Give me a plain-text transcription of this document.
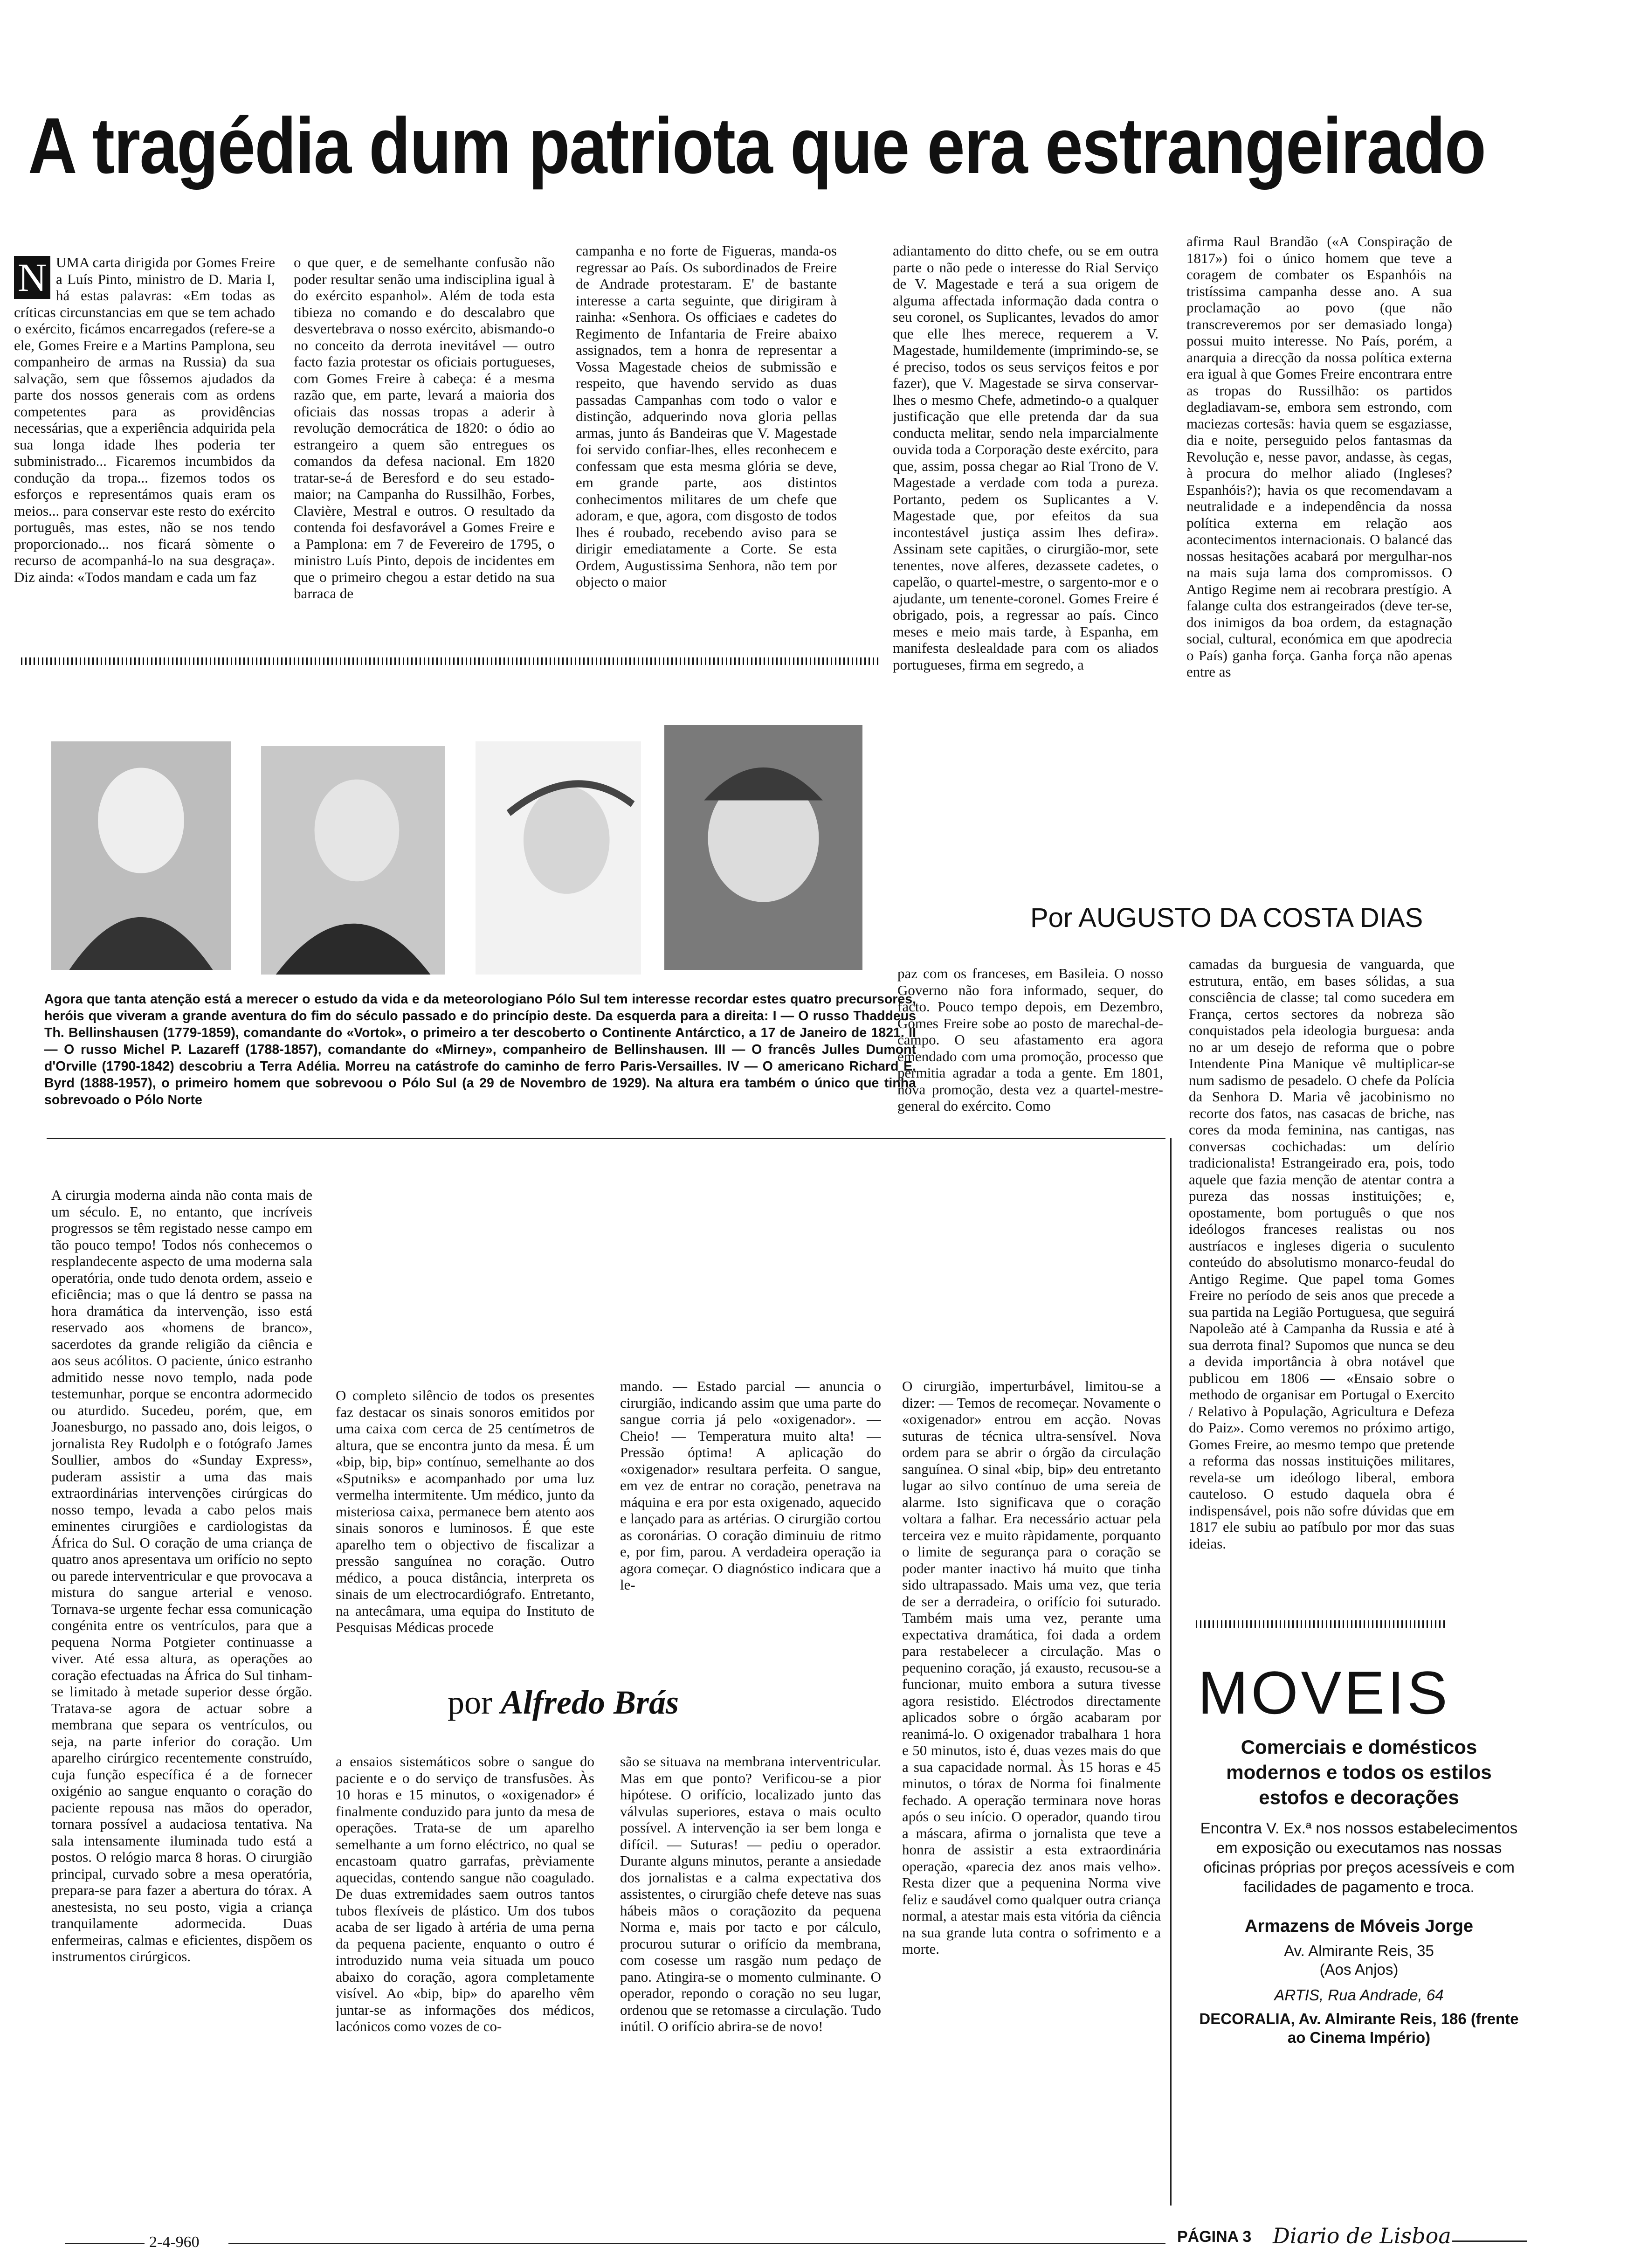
A tragédia dum patriota que era estrangeirado
N UMA carta dirigida por Gomes Freire a Luís Pinto, ministro de D. Maria I, há estas palavras: «Em todas as críticas circunstancias em que se tem achado o exército, ficámos encarregados (refere-se a ele, Gomes Freire e a Martins Pamplona, seu companheiro de armas na Russia) da sua salvação, sem que fôssemos ajudados da parte dos nossos generais com as ordens competentes para as providências necessárias, que a experiência adquirida pela sua longa idade lhes poderia ter subministrado... Ficaremos incumbidos da condução da tropa... fizemos todos os esforços e representámos quais eram os meios... para conservar este resto do exército português, mas estes, não se nos tendo proporcionado... nos ficará sòmente o recurso de acompanhá-lo na sua desgraça». Diz ainda: «Todos mandam e cada um faz

o que quer, e de semelhante confusão não poder resultar senão uma indisciplina igual à do exército espanhol». Além de toda esta tibieza no comando e do descalabro que desvertebrava o nosso exército, abismando-o no conceito da derrota inevitável — outro facto fazia protestar os oficiais portugueses, com Gomes Freire à cabeça: é a mesma razão que, em parte, levará a maioria dos oficiais das nossas tropas a aderir à revolução democrática de 1820: o ódio ao estrangeiro a quem são entregues os comandos da defesa nacional. Em 1820 tratar-se-á de Beresford e do seu estado-maior; na Campanha do Russilhão, Forbes, Clavière, Mestral e outros. O resultado da contenda foi desfavorável a Gomes Freire e a Pamplona: em 7 de Fevereiro de 1795, o ministro Luís Pinto, depois de incidentes em que o primeiro chegou a estar detido na sua barraca de

campanha e no forte de Figueras, manda-os regressar ao País. Os subordinados de Freire de Andrade protestaram. E' de bastante interesse a carta seguinte, que dirigiram à rainha: «Senhora. Os officiaes e cadetes do Regimento de Infantaria de Freire abaixo assignados, tem a honra de representar a Vossa Magestade cheios de submissão e respeito, que havendo servido as duas passadas Campanhas com todo o valor e distinção, adquerindo nova gloria pellas armas, junto ás Bandeiras que V. Magestade foi servido confiar-lhes, elles reconhecem e confessam que esta mesma glória se deve, em grande parte, aos distintos conhecimentos militares de um chefe que adoram, e que, agora, com disgosto de todos lhes é roubado, recebendo aviso para se dirigir emediatamente a Corte. Se esta Ordem, Augustissima Senhora, não tem por objecto o maior

adiantamento do ditto chefe, ou se em outra parte o não pede o interesse do Rial Serviço de V. Magestade e terá a sua origem de alguma affectada informação dada contra o seu coronel, os Suplicantes, levados do amor que elle lhes merece, requerem a V. Magestade, humildemente (imprimindo-se, se é preciso, todos os seus serviços feitos e por fazer), que V. Magestade se sirva conservar-lhes o mesmo Chefe, admetindo-o a qualquer justificação que elle pretenda dar da sua conducta melitar, sendo nela imparcialmente ouvida toda a Corporação deste exército, para que, assim, possa chegar ao Rial Trono de V. Magestade a verdade com toda a pureza. Portanto, pedem os Suplicantes a V. Magestade que, por efeitos da sua incontestável justiça assim lhes defira». Assinam sete capitães, o cirurgião-mor, sete tenentes, nove alferes, dezassete cadetes, o capelão, o quartel-mestre, o sargento-mor e o ajudante, um tenente-coronel. Gomes Freire é obrigado, pois, a regressar ao país. Cinco meses e meio mais tarde, à Espanha, em manifesta deslealdade para com os aliados portugueses, firma em segredo, a

afirma Raul Brandão («A Conspiração de 1817») foi o único homem que teve a coragem de combater os Espanhóis na tristíssima campanha desse ano. A sua proclamação ao povo (que não transcreveremos por ser demasiado longa) possui muito interesse. No País, porém, a anarquia a direcção da nossa política externa era igual à que Gomes Freire encontrara entre as tropas do Russilhão: os partidos degladiavam-se, embora sem estrondo, com maciezas cortesãs: havia quem se esgaziasse, dia e noite, perseguido pelos fantasmas da Revolução e, nesse pavor, andasse, às cegas, à procura do melhor aliado (Ingleses? Espanhóis?); havia os que recomendavam a neutralidade e a independência da nossa política externa em relação aos acontecimentos internacionais. O balancé das nossas hesitações acabará por mergulhar-nos na mais suja lama dos compromissos. O Antigo Regime nem ai recobrara prestígio. A falange culta dos estrangeirados (deve ter-se, dos inimigos da boa ordem, da estagnação social, cultural, económica em que apodrecia o País) ganha força. Ganha força não apenas entre as

Por AUGUSTO DA COSTA DIAS
Agora que tanta atenção está a merecer o estudo da vida e da meteorologiano Pólo Sul tem interesse recordar estes quatro precursores, heróis que viveram a grande aventura do fim do século passado e do princípio deste. Da esquerda para a direita: I — O russo Thaddeus Th. Bellinshausen (1779-1859), comandante do «Vortok», o primeiro a ter descoberto o Continente Antárctico, a 17 de Janeiro de 1821. II — O russo Michel P. Lazareff (1788-1857), comandante do «Mirney», companheiro de Bellinshausen. III — O francês Julles Dumont d'Orville (1790-1842) descobriu a Terra Adélia. Morreu na catástrofe do caminho de ferro Paris-Versailles. IV — O americano Richard E. Byrd (1888-1957), o primeiro homem que sobrevoou o Pólo Sul (a 29 de Novembro de 1929). Na altura era também o único que tinha sobrevoado o Pólo Norte

paz com os franceses, em Basileia. O nosso Governo não fora informado, sequer, do facto. Pouco tempo depois, em Dezembro, Gomes Freire sobe ao posto de marechal-de-campo. O seu afastamento era agora emendado com uma promoção, processo que permitia agradar a toda a gente. Em 1801, nova promoção, desta vez a quartel-mestre-general do exército. Como

camadas da burguesia de vanguarda, que estrutura, então, em bases sólidas, a sua consciência de classe; tal como sucedera em França, certos sectores da nobreza são conquistados pela ideologia burguesa: anda no ar um desejo de reforma que o pobre Intendente Pina Manique vê multiplicar-se num sadismo de pesadelo. O chefe da Polícia da Senhora D. Maria vê jacobinismo no recorte dos fatos, nas casacas de briche, nas cores da moda feminina, nas cantigas, nas conversas cochichadas: um delírio tradicionalista! Estrangeirado era, pois, todo aquele que fazia menção de atentar contra a pureza das nossas instituições; e, opostamente, bom português o que nos ideólogos franceses realistas ou nos austríacos e ingleses digeria o suculento conteúdo do absolutismo monarco-feudal do Antigo Regime. Que papel toma Gomes Freire no período de seis anos que precede a sua partida na Legião Portuguesa, que seguirá Napoleão até à Campanha da Russia e até à sua derrota final? Supomos que nunca se deu a devida importância à obra notável que publicou em 1806 — «Ensaio sobre o methodo de organisar em Portugal o Exercito / Relativo à População, Agricultura e Defeza do Paiz». Como veremos no próximo artigo, Gomes Freire, ao mesmo tempo que pretende a reforma das nossas instituições militares, revela-se um ideólogo liberal, embora cauteloso. O estudo daquela obra é indispensável, pois não sofre dúvidas que em 1817 ele subiu ao patíbulo por mor das suas ideias.

A cirurgia moderna ainda não conta mais de um século. E, no entanto, que incríveis progressos se têm registado nesse campo em tão pouco tempo! Todos nós conhecemos o resplandecente aspecto de uma moderna sala operatória, onde tudo denota ordem, asseio e eficiência; mas o que lá dentro se passa na hora dramática da intervenção, isso está reservado aos «homens de branco», sacerdotes da grande religião da ciência e aos seus acólitos. O paciente, único estranho admitido nesse novo templo, nada pode testemunhar, porque se encontra adormecido ou aturdido. Sucedeu, porém, que, em Joanesburgo, no passado ano, dois leigos, o jornalista Rey Rudolph e o fotógrafo James Soullier, ambos do «Sunday Express», puderam assistir a uma das mais extraordinárias intervenções cirúrgicas do nosso tempo, levada a cabo pelos mais eminentes cirurgiões e cardiologistas da África do Sul. O coração de uma criança de quatro anos apresentava um orifício no septo ou parede interventricular e que provocava a mistura do sangue arterial e venoso. Tornava-se urgente fechar essa comunicação congénita entre os ventrículos, para que a pequena Norma Potgieter continuasse a viver. Até essa altura, as operações ao coração efectuadas na África do Sul tinham-se limitado à metade superior desse órgão. Tratava-se agora de actuar sobre a membrana que separa os ventrículos, ou seja, na parte inferior do coração. Um aparelho cirúrgico recentemente construído, cuja função específica é a de fornecer oxigénio ao sangue enquanto o coração do paciente repousa nas mãos do operador, tornara possível a audaciosa tentativa. Na sala intensamente iluminada tudo está a postos. O relógio marca 8 horas. O cirurgião principal, curvado sobre a mesa operatória, prepara-se para fazer a abertura do tórax. A anestesista, no seu posto, vigia a criança tranquilamente adormecida. Duas enfermeiras, calmas e eficientes, dispõem os instrumentos cirúrgicos.

O completo silêncio de todos os presentes faz destacar os sinais sonoros emitidos por uma caixa com cerca de 25 centímetros de altura, que se encontra junto da mesa. É um «bip, bip, bip» contínuo, semelhante ao dos «Sputniks» e acompanhado por uma luz vermelha intermitente. Um médico, junto da misteriosa caixa, permanece bem atento aos sinais sonoros e luminosos. É que este aparelho tem o objectivo de fiscalizar a pressão sanguínea no coração. Outro médico, a pouca distância, interpreta os sinais de um electrocardiógrafo. Entretanto, na antecâmara, uma equipa do Instituto de Pesquisas Médicas procede

a ensaios sistemáticos sobre o sangue do paciente e o do serviço de transfusões. Às 10 horas e 15 minutos, o «oxigenador» é finalmente conduzido para junto da mesa de operações. Trata-se de um aparelho semelhante a um forno eléctrico, no qual se encastoam quatro garrafas, prèviamente aquecidas, contendo sangue não coagulado. De duas extremidades saem outros tantos tubos flexíveis de plástico. Um dos tubos acaba de ser ligado à artéria de uma perna da pequena paciente, enquanto o outro é introduzido numa veia situada um pouco abaixo do coração, agora completamente visível. Ao «bip, bip» do aparelho vêm juntar-se as informações dos médicos, lacónicos como vozes de co-

mando. — Estado parcial — anuncia o cirurgião, indicando assim que uma parte do sangue corria já pelo «oxigenador». — Cheio! — Temperatura muito alta! — Pressão óptima! A aplicação do «oxigenador» resultara perfeita. O sangue, em vez de entrar no coração, penetrava na máquina e era por esta oxigenado, aquecido e lançado para as artérias. O cirurgião cortou as coronárias. O coração diminuiu de ritmo e, por fim, parou. A verdadeira operação ia agora começar. O diagnóstico indicara que a le-

são se situava na membrana interventricular. Mas em que ponto? Verificou-se a pior hipótese. O orifício, localizado junto das válvulas superiores, estava o mais oculto possível. A intervenção ia ser bem longa e difícil. — Suturas! — pediu o operador. Durante alguns minutos, perante a ansiedade dos jornalistas e a calma expectativa dos assistentes, o cirurgião chefe deteve nas suas hábeis mãos o coraçãozito da pequena Norma e, mais por tacto e por cálculo, procurou suturar o orifício da membrana, com cosesse um rasgão num pedaço de pano. Atingira-se o momento culminante. O operador, repondo o coração no seu lugar, ordenou que se retomasse a circulação. Tudo inútil. O orifício abrira-se de novo!

O cirurgião, imperturbável, limitou-se a dizer: — Temos de recomeçar. Novamente o «oxigenador» entrou em acção. Novas suturas de técnica ultra-sensível. Nova ordem para se abrir o órgão da circulação sanguínea. O sinal «bip, bip» deu entretanto lugar ao silvo contínuo de uma sereia de alarme. Isto significava que o coração voltara a falhar. Era necessário actuar pela terceira vez e muito ràpidamente, porquanto o limite de segurança para o coração se poder manter inactivo há muito que tinha sido ultrapassado. Mais uma vez, que teria de ser a derradeira, o orifício foi suturado. Também mais uma vez, perante uma expectativa dramática, foi dada a ordem para restabelecer a circulação. Mas o pequenino coração, já exausto, recusou-se a funcionar, muito embora a sutura tivesse agora resistido. Eléctrodos directamente aplicados sobre o órgão acabaram por reanimá-lo. O oxigenador trabalhara 1 hora e 50 minutos, isto é, duas vezes mais do que a sua capacidade normal. Às 15 horas e 45 minutos, o tórax de Norma foi finalmente fechado. A operação terminara nove horas após o seu início. O operador, quando tirou a máscara, afirma o jornalista que teve a honra de assistir a esta extraordinária operação, «parecia dez anos mais velho». Resta dizer que a pequenina Norma vive feliz e saudável como qualquer outra criança normal, a atestar mais esta vitória da ciência na sua grande luta contra o sofrimento e a morte.

por Alfredo Brás	MOVEIS
Comerciais e domésticos modernos e todos os estilos estofos e decorações
Encontra V. Ex.ª nos nossos estabelecimentos em exposição ou executamos nas nossas oficinas próprias por preços acessíveis e com facilidades de pagamento e troca.
Armazens de Móveis Jorge
Av. Almirante Reis, 35
(Aos Anjos)
ARTIS, Rua Andrade, 64
DECORALIA, Av. Almirante Reis, 186 (frente ao Cinema Império)
2-4-960	PÁGINA 3 Diario de Lisboa
